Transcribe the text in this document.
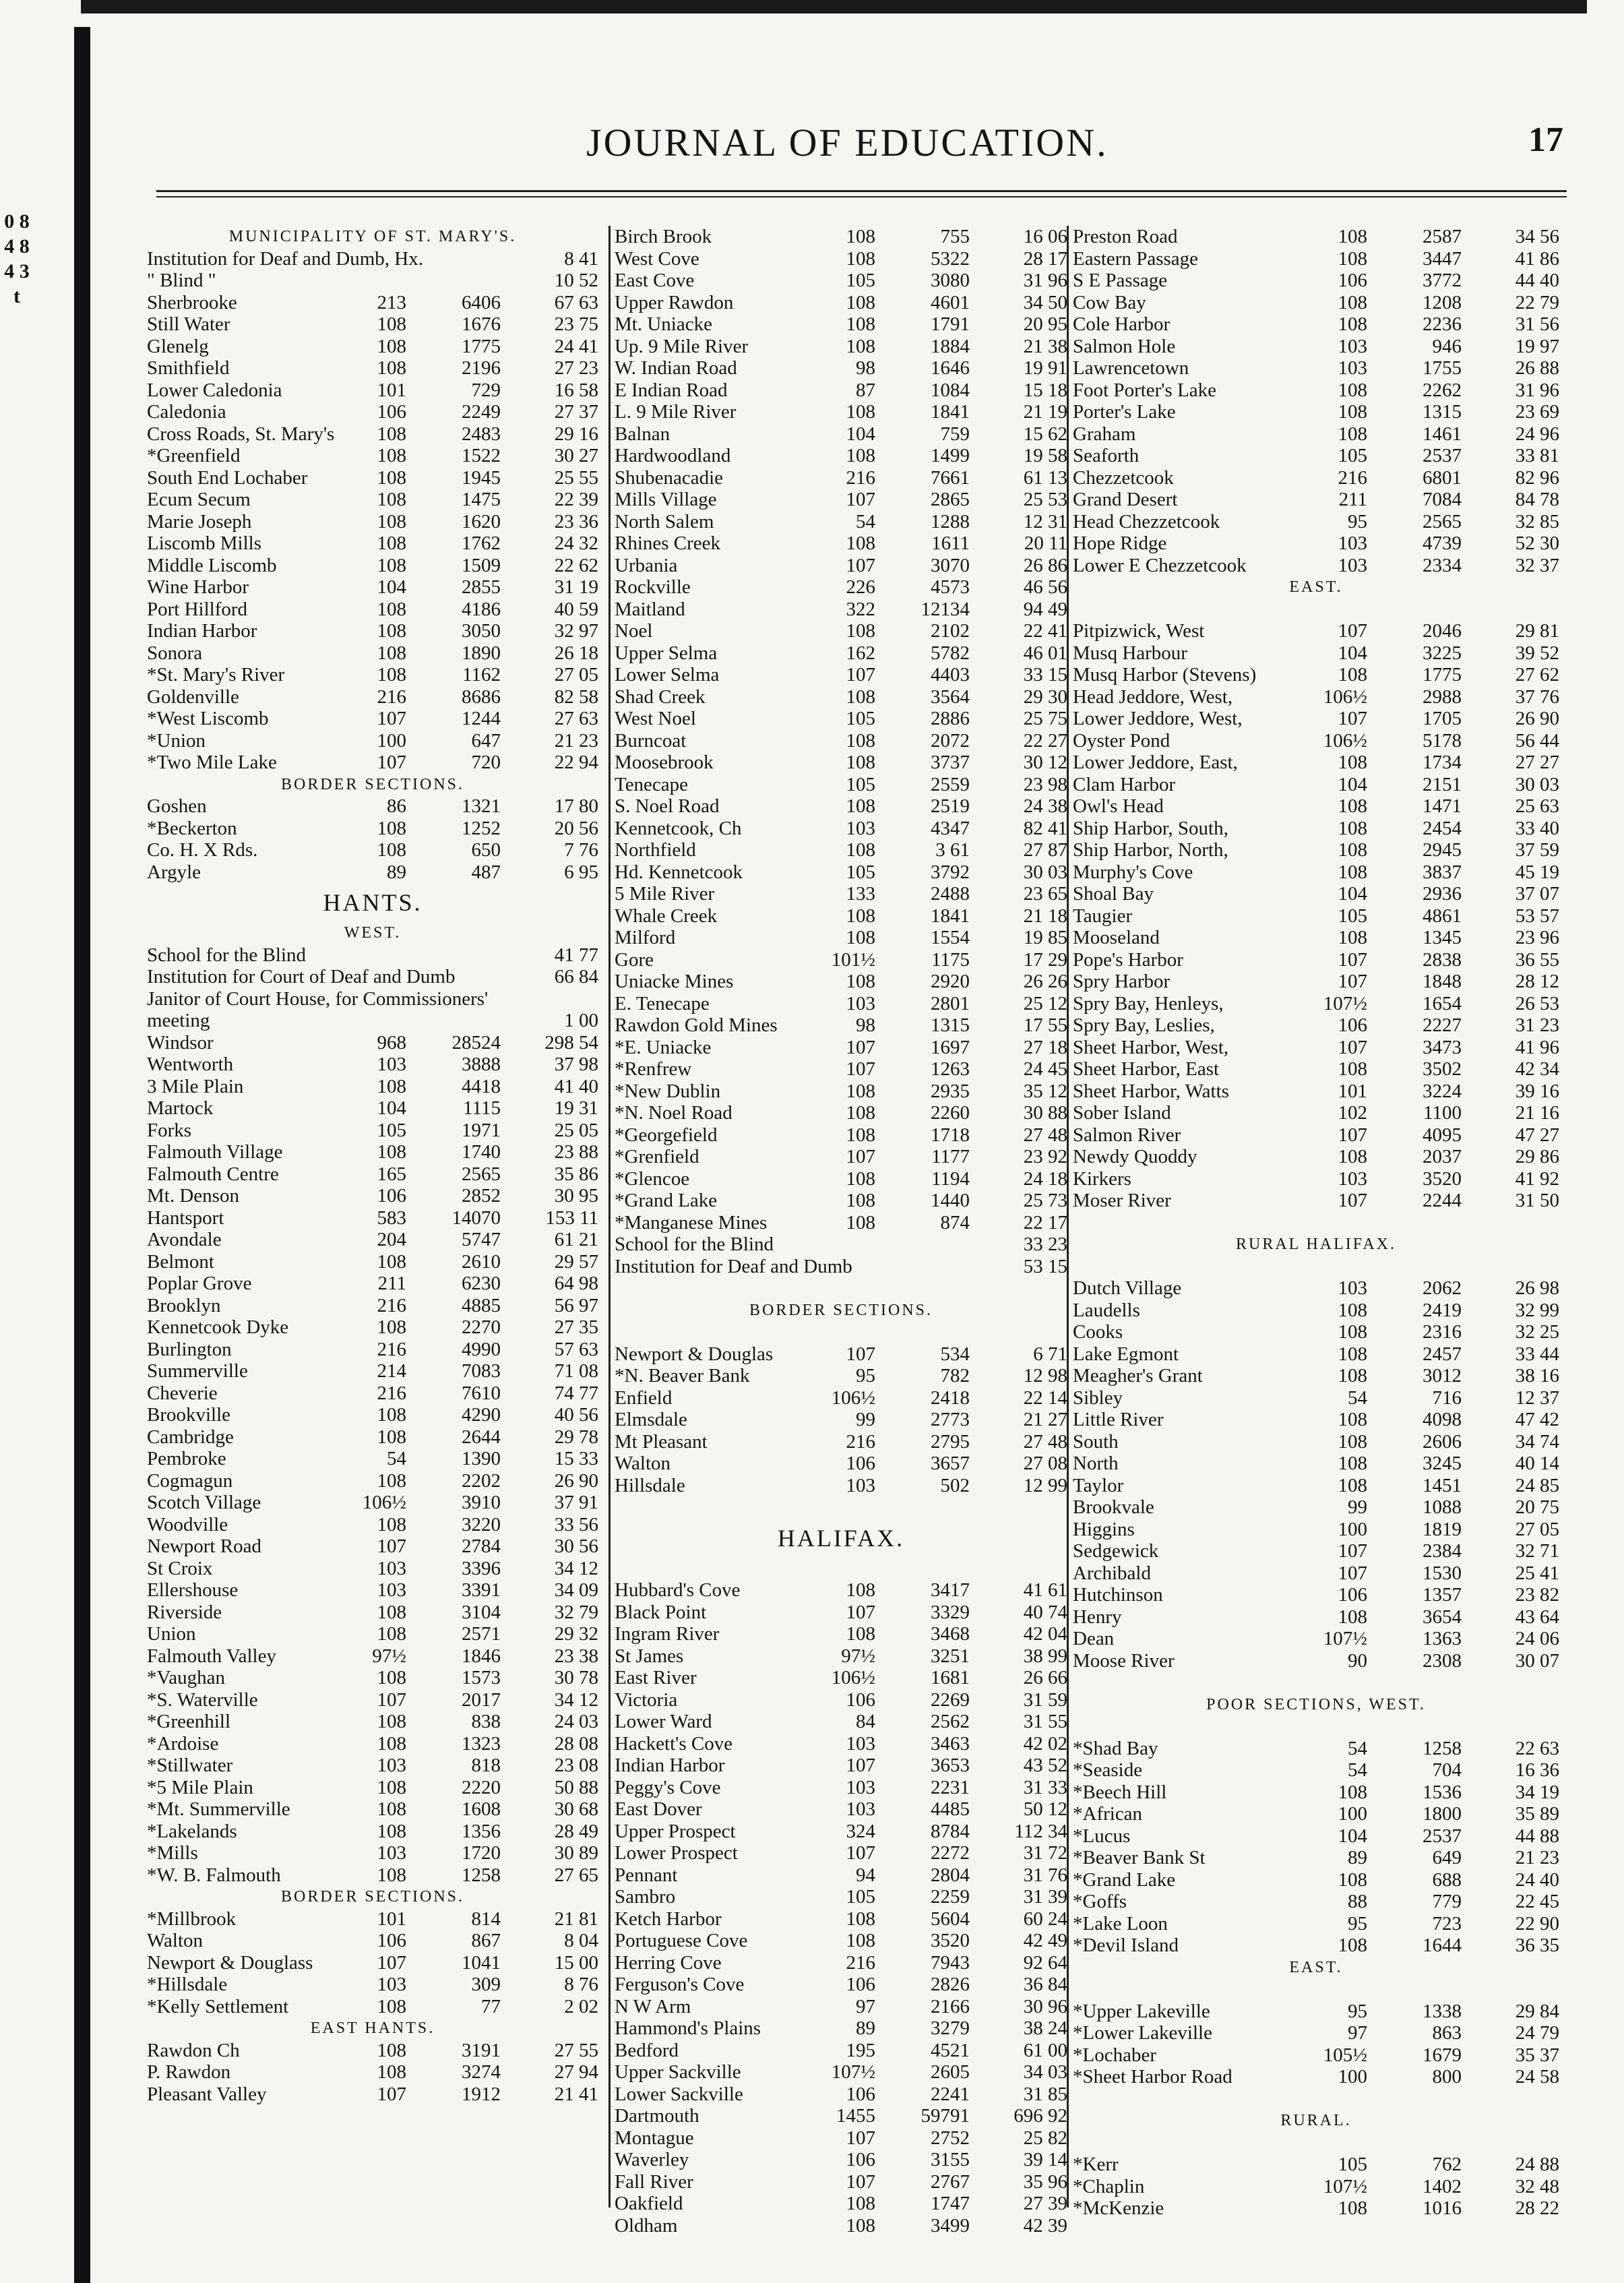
0 8 4 8 4 3 t
JOURNAL OF EDUCATION.	17
MUNICIPALITY OF ST. MARY'S.
Institution for Deaf and Dumb, Hx.	8 41
" Blind "	10 52
Sherbrooke	213	6406	67 63
Still Water	108	1676	23 75
Glenelg	108	1775	24 41
Smithfield	108	2196	27 23
Lower Caledonia	101	729	16 58
Caledonia	106	2249	27 37
Cross Roads, St. Mary's	108	2483	29 16
*Greenfield	108	1522	30 27
South End Lochaber	108	1945	25 55
Ecum Secum	108	1475	22 39
Marie Joseph	108	1620	23 36
Liscomb Mills	108	1762	24 32
Middle Liscomb	108	1509	22 62
Wine Harbor	104	2855	31 19
Port Hillford	108	4186	40 59
Indian Harbor	108	3050	32 97
Sonora	108	1890	26 18
*St. Mary's River	108	1162	27 05
Goldenville	216	8686	82 58
*West Liscomb	107	1244	27 63
*Union	100	647	21 23
*Two Mile Lake	107	720	22 94
BORDER SECTIONS.
Goshen	86	1321	17 80
*Beckerton	108	1252	20 56
Co. H. X Rds.	108	650	7 76
Argyle	89	487	6 95
HANTS.
WEST.
School for the Blind	41 77
Institution for Court of Deaf and Dumb	66 84
Janitor of Court House, for Commissioners'
meeting	1 00
Windsor	968	28524	298 54
Wentworth	103	3888	37 98
3 Mile Plain	108	4418	41 40
Martock	104	1115	19 31
Forks	105	1971	25 05
Falmouth Village	108	1740	23 88
Falmouth Centre	165	2565	35 86
Mt. Denson	106	2852	30 95
Hantsport	583	14070	153 11
Avondale	204	5747	61 21
Belmont	108	2610	29 57
Poplar Grove	211	6230	64 98
Brooklyn	216	4885	56 97
Kennetcook Dyke	108	2270	27 35
Burlington	216	4990	57 63
Summerville	214	7083	71 08
Cheverie	216	7610	74 77
Brookville	108	4290	40 56
Cambridge	108	2644	29 78
Pembroke	54	1390	15 33
Cogmagun	108	2202	26 90
Scotch Village	106½	3910	37 91
Woodville	108	3220	33 56
Newport Road	107	2784	30 56
St Croix	103	3396	34 12
Ellershouse	103	3391	34 09
Riverside	108	3104	32 79
Union	108	2571	29 32
Falmouth Valley	97½	1846	23 38
*Vaughan	108	1573	30 78
*S. Waterville	107	2017	34 12
*Greenhill	108	838	24 03
*Ardoise	108	1323	28 08
*Stillwater	103	818	23 08
*5 Mile Plain	108	2220	50 88
*Mt. Summerville	108	1608	30 68
*Lakelands	108	1356	28 49
*Mills	103	1720	30 89
*W. B. Falmouth	108	1258	27 65
BORDER SECTIONS.
*Millbrook	101	814	21 81
Walton	106	867	8 04
Newport & Douglass	107	1041	15 00
*Hillsdale	103	309	8 76
*Kelly Settlement	108	77	2 02
EAST HANTS.
Rawdon Ch	108	3191	27 55
P. Rawdon	108	3274	27 94
Pleasant Valley	107	1912	21 41
Birch Brook	108	755	16 06
West Cove	108	5322	28 17
East Cove	105	3080	31 96
Upper Rawdon	108	4601	34 50
Mt. Uniacke	108	1791	20 95
Up. 9 Mile River	108	1884	21 38
W. Indian Road	98	1646	19 91
E Indian Road	87	1084	15 18
L. 9 Mile River	108	1841	21 19
Balnan	104	759	15 62
Hardwoodland	108	1499	19 58
Shubenacadie	216	7661	61 13
Mills Village	107	2865	25 53
North Salem	54	1288	12 31
Rhines Creek	108	1611	20 11
Urbania	107	3070	26 86
Rockville	226	4573	46 56
Maitland	322	12134	94 49
Noel	108	2102	22 41
Upper Selma	162	5782	46 01
Lower Selma	107	4403	33 15
Shad Creek	108	3564	29 30
West Noel	105	2886	25 75
Burncoat	108	2072	22 27
Moosebrook	108	3737	30 12
Tenecape	105	2559	23 98
S. Noel Road	108	2519	24 38
Kennetcook, Ch	103	4347	82 41
Northfield	108	3 61	27 87
Hd. Kennetcook	105	3792	30 03
5 Mile River	133	2488	23 65
Whale Creek	108	1841	21 18
Milford	108	1554	19 85
Gore	101½	1175	17 29
Uniacke Mines	108	2920	26 26
E. Tenecape	103	2801	25 12
Rawdon Gold Mines	98	1315	17 55
*E. Uniacke	107	1697	27 18
*Renfrew	107	1263	24 45
*New Dublin	108	2935	35 12
*N. Noel Road	108	2260	30 88
*Georgefield	108	1718	27 48
*Grenfield	107	1177	23 92
*Glencoe	108	1194	24 18
*Grand Lake	108	1440	25 73
*Manganese Mines	108	874	22 17
School for the Blind	33 23
Institution for Deaf and Dumb	53 15
BORDER SECTIONS.
Newport & Douglas	107	534	6 71
*N. Beaver Bank	95	782	12 98
Enfield	106½	2418	22 14
Elmsdale	99	2773	21 27
Mt Pleasant	216	2795	27 48
Walton	106	3657	27 08
Hillsdale	103	502	12 99
HALIFAX.
Hubbard's Cove	108	3417	41 61
Black Point	107	3329	40 74
Ingram River	108	3468	42 04
St James	97½	3251	38 99
East River	106½	1681	26 66
Victoria	106	2269	31 59
Lower Ward	84	2562	31 55
Hackett's Cove	103	3463	42 02
Indian Harbor	107	3653	43 52
Peggy's Cove	103	2231	31 33
East Dover	103	4485	50 12
Upper Prospect	324	8784	112 34
Lower Prospect	107	2272	31 72
Pennant	94	2804	31 76
Sambro	105	2259	31 39
Ketch Harbor	108	5604	60 24
Portuguese Cove	108	3520	42 49
Herring Cove	216	7943	92 64
Ferguson's Cove	106	2826	36 84
N W Arm	97	2166	30 96
Hammond's Plains	89	3279	38 24
Bedford	195	4521	61 00
Upper Sackville	107½	2605	34 03
Lower Sackville	106	2241	31 85
Dartmouth	1455	59791	696 92
Montague	107	2752	25 82
Waverley	106	3155	39 14
Fall River	107	2767	35 96
Oakfield	108	1747	27 39
Oldham	108	3499	42 39
Preston Road	108	2587	34 56
Eastern Passage	108	3447	41 86
S E Passage	106	3772	44 40
Cow Bay	108	1208	22 79
Cole Harbor	108	2236	31 56
Salmon Hole	103	946	19 97
Lawrencetown	103	1755	26 88
Foot Porter's Lake	108	2262	31 96
Porter's Lake	108	1315	23 69
Graham	108	1461	24 96
Seaforth	105	2537	33 81
Chezzetcook	216	6801	82 96
Grand Desert	211	7084	84 78
Head Chezzetcook	95	2565	32 85
Hope Ridge	103	4739	52 30
Lower E Chezzetcook	103	2334	32 37
EAST.
Pitpizwick, West	107	2046	29 81
Musq Harbour	104	3225	39 52
Musq Harbor (Stevens)	108	1775	27 62
Head Jeddore, West,	106½	2988	37 76
Lower Jeddore, West,	107	1705	26 90
Oyster Pond	106½	5178	56 44
Lower Jeddore, East,	108	1734	27 27
Clam Harbor	104	2151	30 03
Owl's Head	108	1471	25 63
Ship Harbor, South,	108	2454	33 40
Ship Harbor, North,	108	2945	37 59
Murphy's Cove	108	3837	45 19
Shoal Bay	104	2936	37 07
Taugier	105	4861	53 57
Mooseland	108	1345	23 96
Pope's Harbor	107	2838	36 55
Spry Harbor	107	1848	28 12
Spry Bay, Henleys,	107½	1654	26 53
Spry Bay, Leslies,	106	2227	31 23
Sheet Harbor, West,	107	3473	41 96
Sheet Harbor, East	108	3502	42 34
Sheet Harbor, Watts	101	3224	39 16
Sober Island	102	1100	21 16
Salmon River	107	4095	47 27
Newdy Quoddy	108	2037	29 86
Kirkers	103	3520	41 92
Moser River	107	2244	31 50
RURAL HALIFAX.
Dutch Village	103	2062	26 98
Laudells	108	2419	32 99
Cooks	108	2316	32 25
Lake Egmont	108	2457	33 44
Meagher's Grant	108	3012	38 16
Sibley	54	716	12 37
Little River	108	4098	47 42
South	108	2606	34 74
North	108	3245	40 14
Taylor	108	1451	24 85
Brookvale	99	1088	20 75
Higgins	100	1819	27 05
Sedgewick	107	2384	32 71
Archibald	107	1530	25 41
Hutchinson	106	1357	23 82
Henry	108	3654	43 64
Dean	107½	1363	24 06
Moose River	90	2308	30 07
POOR SECTIONS, WEST.
*Shad Bay	54	1258	22 63
*Seaside	54	704	16 36
*Beech Hill	108	1536	34 19
*African	100	1800	35 89
*Lucus	104	2537	44 88
*Beaver Bank St	89	649	21 23
*Grand Lake	108	688	24 40
*Goffs	88	779	22 45
*Lake Loon	95	723	22 90
*Devil Island	108	1644	36 35
EAST.
*Upper Lakeville	95	1338	29 84
*Lower Lakeville	97	863	24 79
*Lochaber	105½	1679	35 37
*Sheet Harbor Road	100	800	24 58
RURAL.
*Kerr	105	762	24 88
*Chaplin	107½	1402	32 48
*McKenzie	108	1016	28 22
